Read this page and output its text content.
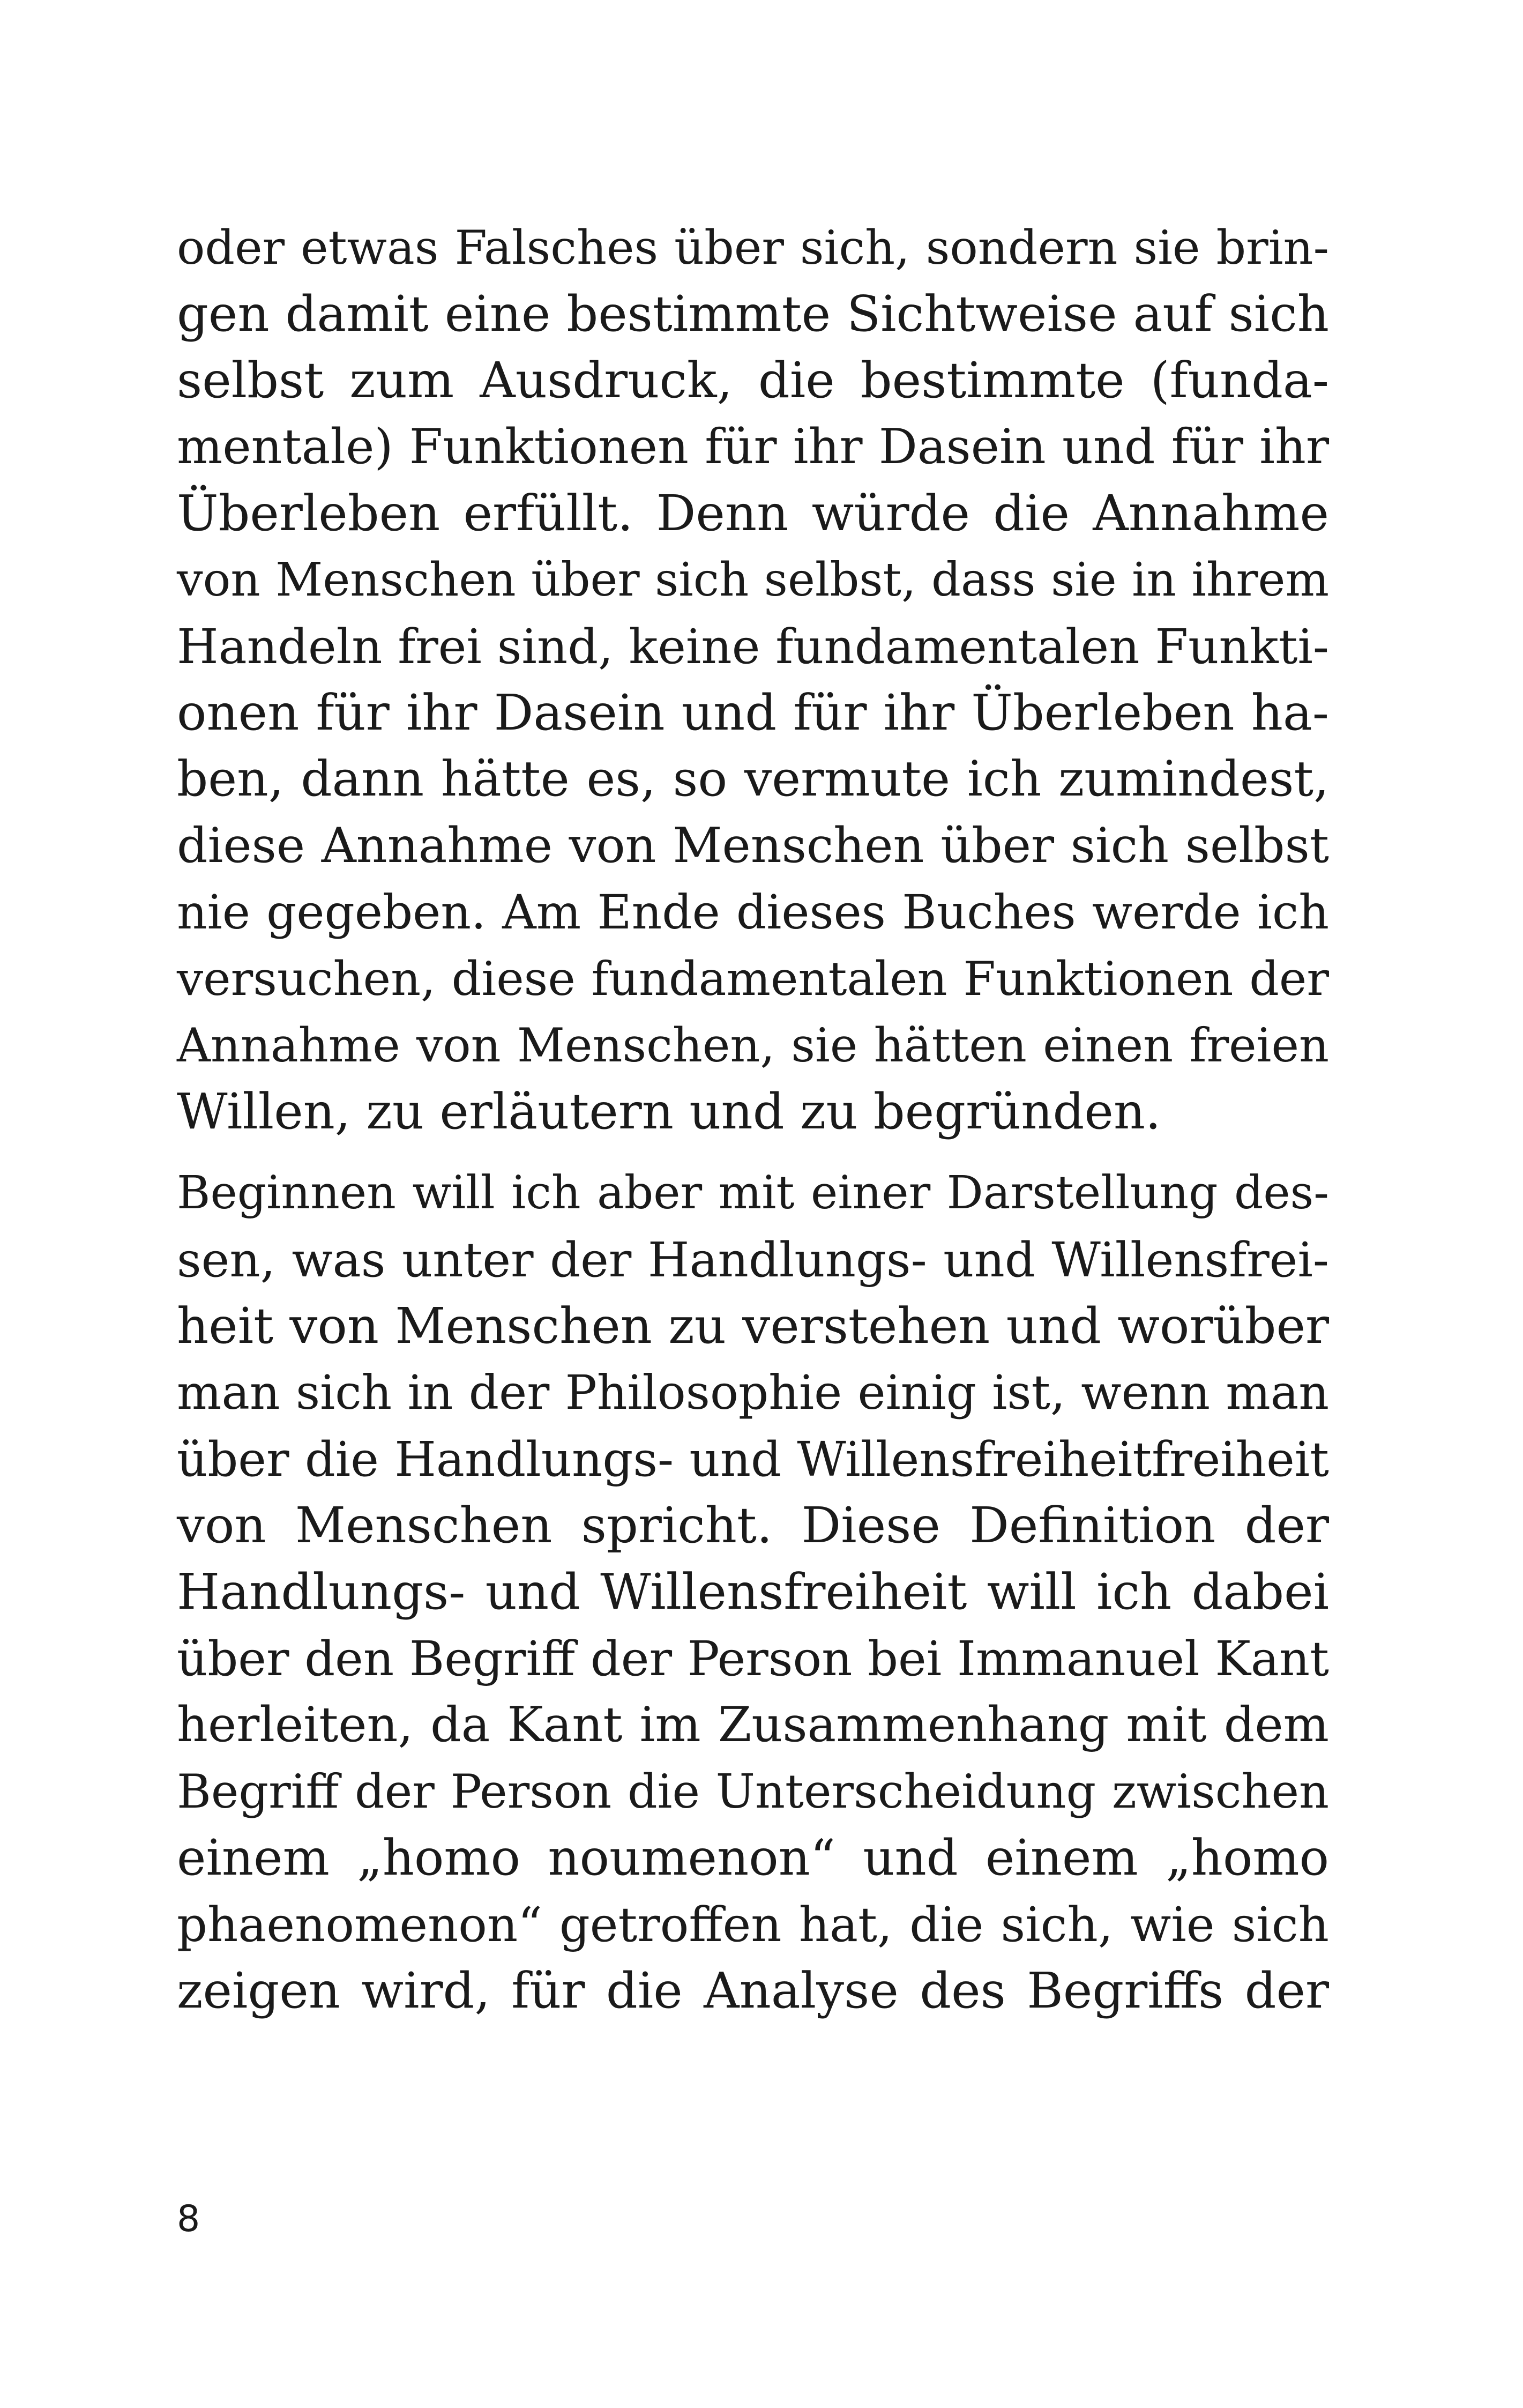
oder etwas Falsches über sich, sondern sie brin-
gen damit eine bestimmte Sichtweise auf sich
selbst zum Ausdruck, die bestimmte (funda-
mentale) Funktionen für ihr Dasein und für ihr
Überleben erfüllt. Denn würde die Annahme
von Menschen über sich selbst, dass sie in ihrem
Handeln frei sind, keine fundamentalen Funkti-
onen für ihr Dasein und für ihr Überleben ha-
ben, dann hätte es, so vermute ich zumindest,
diese Annahme von Menschen über sich selbst
nie gegeben. Am Ende dieses Buches werde ich
versuchen, diese fundamentalen Funktionen der
Annahme von Menschen, sie hätten einen freien
Willen, zu erläutern und zu begründen.
Beginnen will ich aber mit einer Darstellung des-
sen, was unter der Handlungs- und Willensfrei-
heit von Menschen zu verstehen und worüber
man sich in der Philosophie einig ist, wenn man
über die Handlungs- und Willensfreiheitfreiheit
von Menschen spricht. Diese Definition der
Handlungs- und Willensfreiheit will ich dabei
über den Begriff der Person bei Immanuel Kant
herleiten, da Kant im Zusammenhang mit dem
Begriff der Person die Unterscheidung zwischen
einem „homo noumenon“ und einem „homo
phaenomenon“ getroffen hat, die sich, wie sich
zeigen wird, für die Analyse des Begriffs der
8
